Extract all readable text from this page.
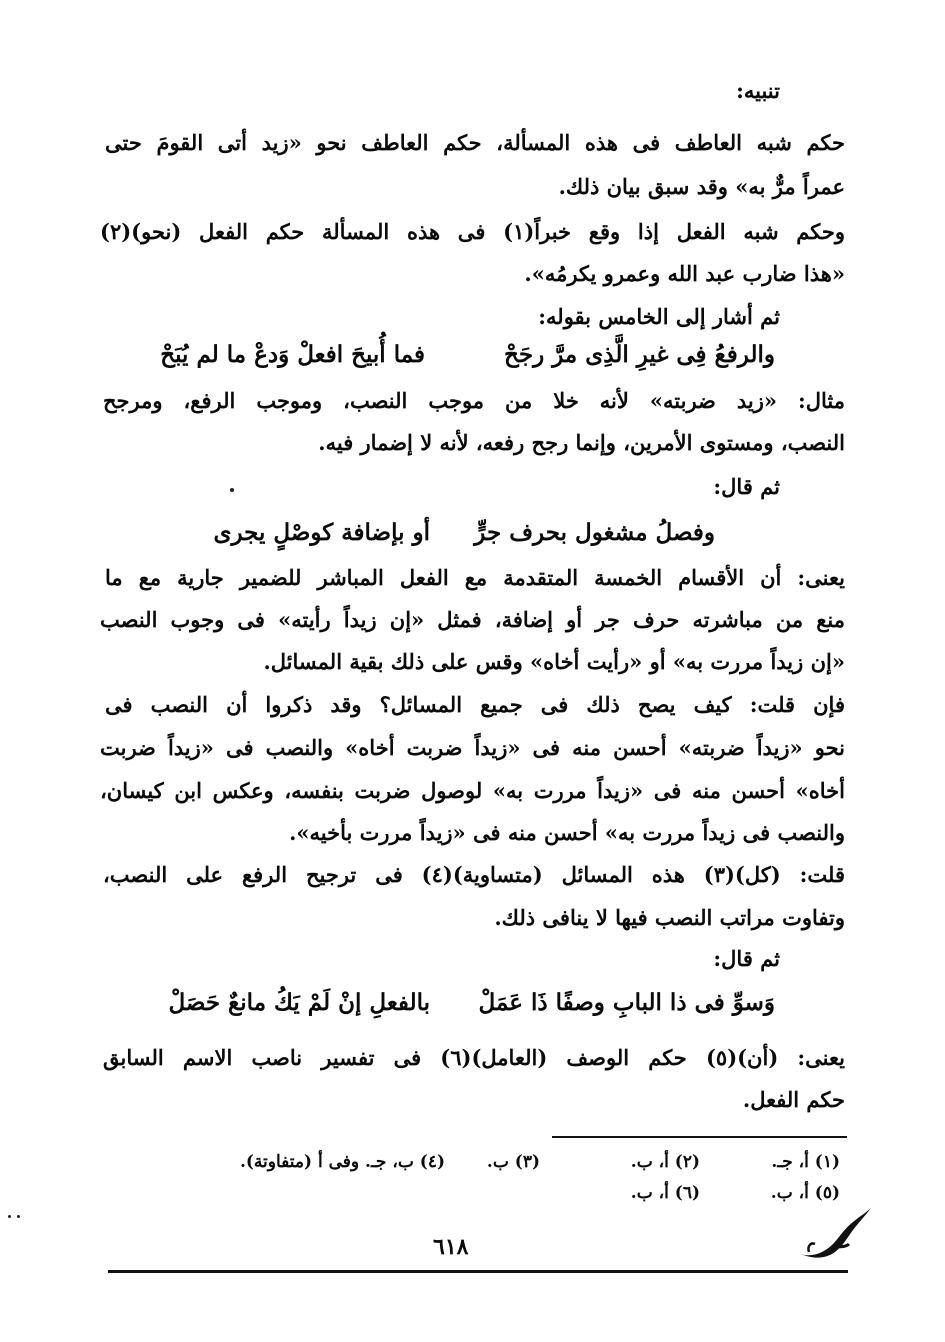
تنبيه:
حكم شبه العاطف فى هذه المسألة، حكم العاطف نحو «زيد أتى القومَ حتى
عمراً مرٌّ به» وقد سبق بيان ذلك.
وحكم شبه الفعل إذا وقع خبراً(١) فى هذه المسألة حكم الفعل (نحو)(٢)
«هذا ضارب عبد الله وعمرو يكرمُه».
ثم أشار إلى الخامس بقوله:
والرفعُ فِى غيرِ الَّذِى مرَّ رجَحْ
فما أُبيحَ افعلْ وَدعْ ما لم يُبَحْ
مثال: «زيد ضربته» لأنه خلا من موجب النصب، وموجب الرفع، ومرجح
النصب، ومستوى الأمرين، وإنما رجح رفعه، لأنه لا إضمار فيه.
ثم قال:
وفصلُ مشغول بحرف جرٍّ
أو بإضافة كوصْلٍ يجرى
يعنى: أن الأقسام الخمسة المتقدمة مع الفعل المباشر للضمير جارية مع ما
منع من مباشرته حرف جر أو إضافة، فمثل «إن زيداً رأيته» فى وجوب النصب
«إن زيداً مررت به» أو «رأيت أخاه» وقس على ذلك بقية المسائل.
فإن قلت: كيف يصح ذلك فى جميع المسائل؟ وقد ذكروا أن النصب فى
نحو «زيداً ضربته» أحسن منه فى «زيداً ضربت أخاه» والنصب فى «زيداً ضربت
أخاه» أحسن منه فى «زيداً مررت به» لوصول ضربت بنفسه، وعكس ابن كيسان،
والنصب فى زيداً مررت به» أحسن منه فى «زيداً مررت بأخيه».
قلت: (كل)(٣) هذه المسائل (متساوية)(٤) فى ترجيح الرفع على النصب،
وتفاوت مراتب النصب فيها لا ينافى ذلك.
ثم قال:
وَسوِّ فى ذا البابِ وصفًا ذَا عَمَلْ
بالفعلِ إنْ لَمْ يَكُ مانعٌ حَصَلْ
يعنى: (أن)(٥) حكم الوصف (العامل)(٦) فى تفسير ناصب الاسم السابق
حكم الفعل.
(١) أ، جـ.
(٢) أ، ب.
(٣) ب.
(٤) ب، جـ. وفى أ (متفاوتة).
(٥) أ، ب.
(٦) أ، ب.
٦١٨
